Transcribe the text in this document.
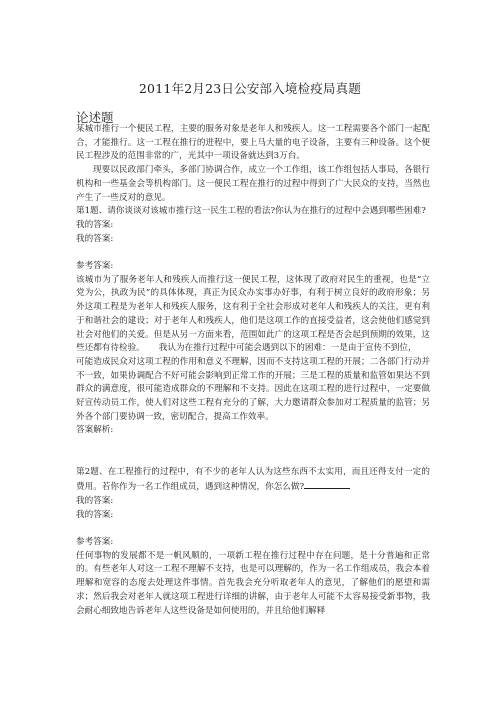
2011年2月23日公安部入境检疫局真题
论述题

某城市推行一个便民工程，主要的服务对象是老年人和残疾人。这一工程需要各个部门一起配合，才能推行。这一工程在推行的进程中，要上马大量的电子设备，主要有三种设备。这个便民工程涉及的范围非常的广，光其中一项设备就达到3万台。

现要以民政部门牵头，多部门协调合作，成立一个工作组，该工作组包括人事局，各银行机构和一些基金会等机构部门。这一便民工程在推行的过程中得到了广大民众的支持，当然也产生了一些反对的意见。

第1题、请你谈谈对该城市推行这一民生工程的看法?你认为在推行的过程中会遇到哪些困难?

我的答案:

我的答案:

参考答案:

该城市为了服务老年人和残疾人而推行这一便民工程，这体现了政府对民生的重视，也是“立党为公，执政为民”的具体体现，真正为民众办实事办好事，有利于树立良好的政府形象；另外这项工程是为老年人和残疾人服务，这有利于全社会形成对老年人和残疾人的关注，更有利于和谐社会的建设；对于老年人和残疾人，他们是这项工作的直接受益者，这会使他们感觉到社会对他们的关爱。但是从另一方面来看，范围如此广的这项工程是否会起到预期的效果，这些还都有待检验。 我认为在推行过程中可能会遇到以下的困难：一是由于宣传不到位，

可能造成民众对这项工程的作用和意义不理解，因而不支持这项工程的开展；二各部门行动并不一致，如果协调配合不好可能会影响到正常工作的开展；三是工程的质量和监管如果达不到群众的满意度，很可能造成群众的不理解和不支持。因此在这项工程的进行过程中，一定要做好宣传动员工作，使人们对这些工程有充分的了解，大力邀请群众参加对工程质量的监管；另外各个部门要协调一致，密切配合，提高工作效率。

答案解析:

第2题、在工程推行的过程中，有不少的老年人认为这些东西不太实用，而且还得支付一定的费用。若你作为一名工作组成员，遇到这种情况，你怎么做?

我的答案:

我的答案:

参考答案:

任何事物的发展都不是一帆风顺的，一项新工程在推行过程中存在问题，是十分普遍和正常的。有些老年人对这一工程不理解不支持，也是可以理解的，作为一名工作组成员，我会本着理解和宽容的态度去处理这件事情。首先我会充分听取老年人的意见，了解他们的愿望和需求；然后我会对老年人就这项工程进行详细的讲解，由于老年人可能不太容易接受新事物，我会耐心细致地告诉老年人这些设备是如何使用的，并且给他们解释
